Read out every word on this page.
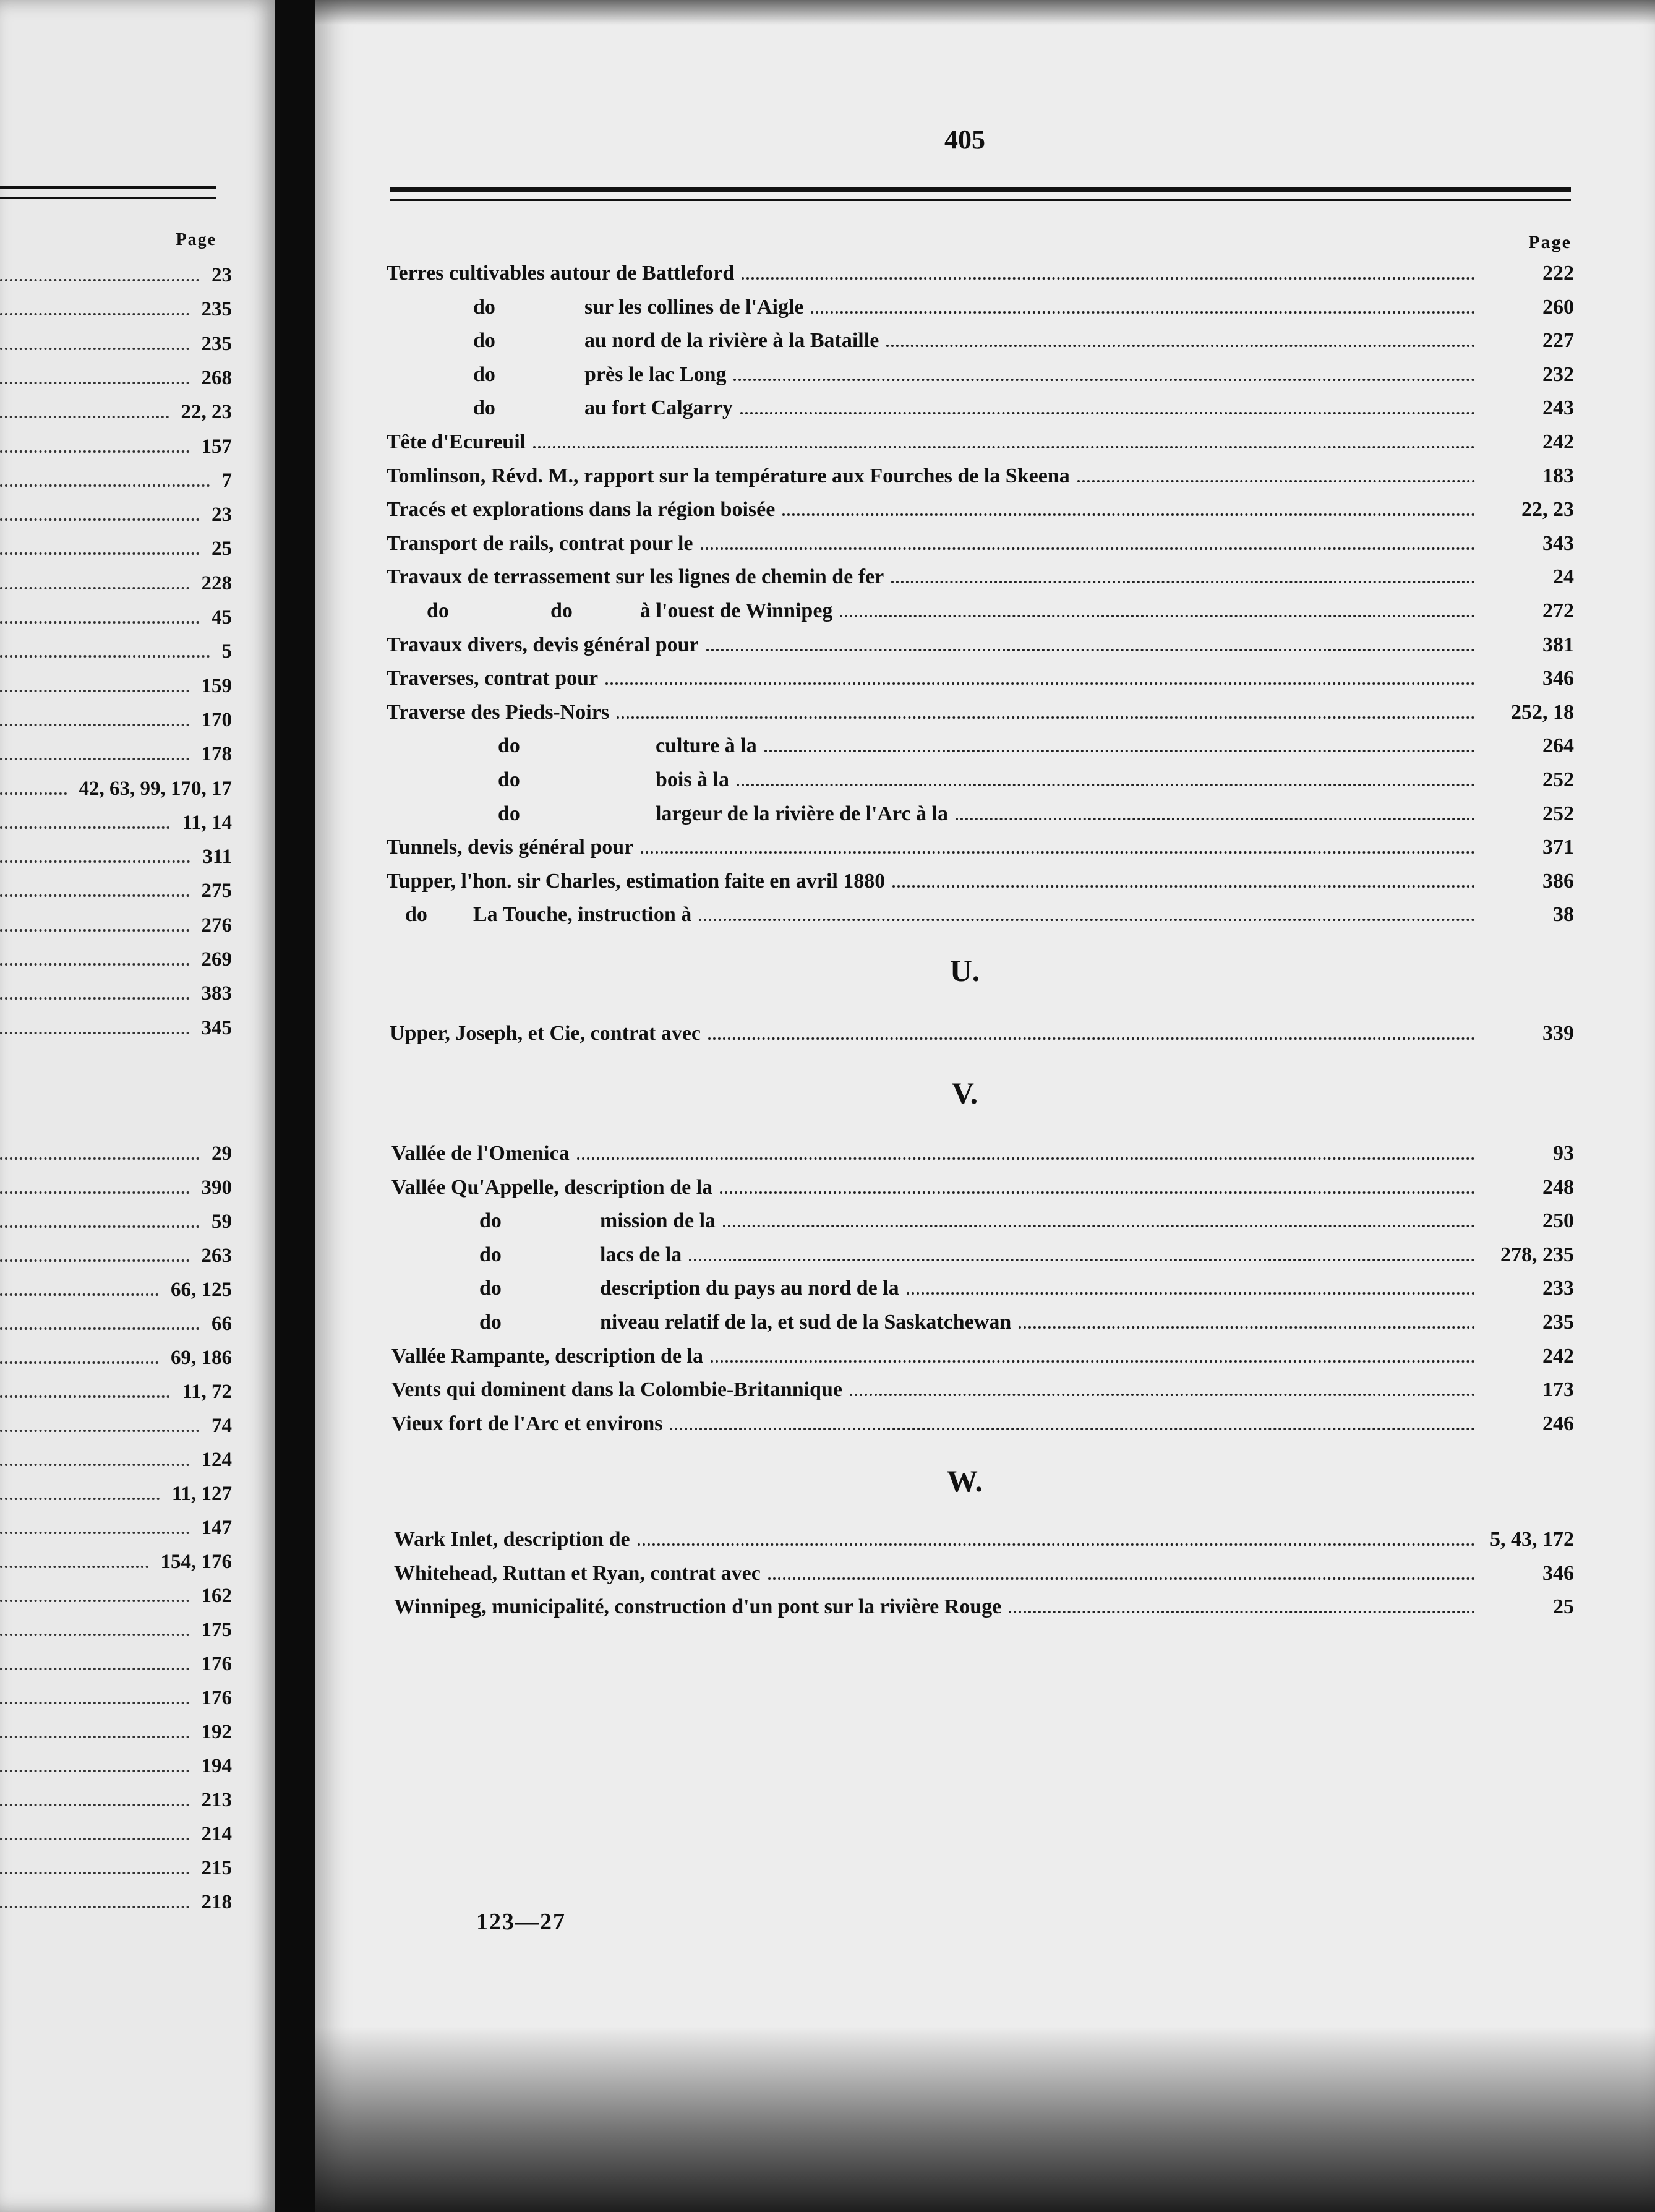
Page
23
235
235
268
22, 23
157
7
23
25
228
45
5
159
170
178
42, 63, 99, 170, 17
11, 14
311
275
276
269
383
345
29
390
59
263
66, 125
66
69, 186
11, 72
74
124
11, 127
147
154, 176
162
175
176
176
192
194
213
214
215
218
405
Page
Terres cultivables autour de Battleford	222
do	sur les collines de l'Aigle	260
do	au nord de la rivière à la Bataille	227
do	près le lac Long	232
do	au fort Calgarry	243
Tête d'Ecureuil	242
Tomlinson, Révd. M., rapport sur la température aux Fourches de la Skeena	183
Tracés et explorations dans la région boisée	22, 23
Transport de rails, contrat pour le	343
Travaux de terrassement sur les lignes de chemin de fer	24
do	do	à l'ouest de Winnipeg	272
Travaux divers, devis général pour	381
Traverses, contrat pour	346
Traverse des Pieds-Noirs	252, 18
do	culture à la	264
do	bois à la	252
do	largeur de la rivière de l'Arc à la	252
Tunnels, devis général pour	371
Tupper, l'hon. sir Charles, estimation faite en avril 1880	386
do	La Touche, instruction à	38
U.
Upper, Joseph, et Cie, contrat avec	339
V.
Vallée de l'Omenica	93
Vallée Qu'Appelle, description de la	248
do	mission de la	250
do	lacs de la	278, 235
do	description du pays au nord de la	233
do	niveau relatif de la, et sud de la Saskatchewan	235
Vallée Rampante, description de la	242
Vents qui dominent dans la Colombie-Britannique	173
Vieux fort de l'Arc et environs	246
W.
Wark Inlet, description de	5, 43, 172
Whitehead, Ruttan et Ryan, contrat avec	346
Winnipeg, municipalité, construction d'un pont sur la rivière Rouge	25
123—27
